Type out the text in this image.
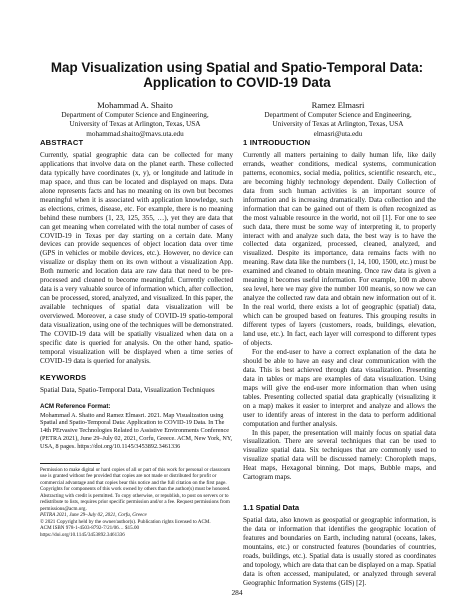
Map Visualization using Spatial and Spatio-Temporal Data:
Application to COVID-19 Data
Mohammad A. Shaito
Department of Computer Science and Engineering,
University of Texas at Arlington, Texas, USA
mohammad.shaito@mavs.uta.edu
Ramez Elmasri
Department of Computer Science and Engineering,
University of Texas at Arlington, Texas, USA
elmasri@uta.edu
ABSTRACT

Currently, spatial geographic data can be collected for many applications that involve data on the planet earth. These collected data typically have coordinates (x, y), or longitude and latitude in map space, and thus can be located and displayed on maps. Data alone represents facts and has no meaning on its own but becomes meaningful when it is associated with application knowledge, such as elections, crimes, disease, etc. For example, there is no meaning behind these numbers (1, 23, 125, 355, …), yet they are data that can get meaning when correlated with the total number of cases of COVID-19 in Texas per day starting on a certain date. Many devices can provide sequences of object location data over time (GPS in vehicles or mobile devices, etc.). However, no device can visualize or display them on its own without a visualization App. Both numeric and location data are raw data that need to be pre-processed and cleaned to become meaningful. Currently collected data is a very valuable source of information which, after collection, can be processed, stored, analyzed, and visualized. In this paper, the available techniques of spatial data visualization will be overviewed. Moreover, a case study of COVID-19 spatio-temporal data visualization, using one of the techniques will be demonstrated. The COVID-19 data will be spatially visualized when data on a specific date is queried for analysis. On the other hand, spatio-temporal visualization will be displayed when a time series of COVID-19 data is queried for analysis.

KEYWORDS

Spatial Data, Spatio-Temporal Data, Visualization Techniques

ACM Reference Format:

Mohammad A. Shaito and Ramez Elmasri. 2021. Map Visualization using Spatial and Spatio-Temporal Data: Application to COVID-19 Data. In The 14th PErvasive Technologies Related to Assistive Environments Conference (PETRA 2021), June 29–July 02, 2021, Corfu, Greece. ACM, New York, NY, USA, 8 pages. https://doi.org/10.1145/3453892.3461336

Permission to make digital or hard copies of all or part of this work for personal or classroom use is granted without fee provided that copies are not made or distributed for profit or commercial advantage and that copies bear this notice and the full citation on the first page. Copyrights for components of this work owned by others than the author(s) must be honored. Abstracting with credit is permitted. To copy otherwise, or republish, to post on servers or to redistribute to lists, requires prior specific permission and/or a fee. Request permissions from permissions@acm.org.

PETRA 2021, June 29–July 02, 2021, Corfu, Greece

© 2021 Copyright held by the owner/author(s). Publication rights licensed to ACM.

ACM ISBN 978-1-4503-8792-7/21/06… $15.00

https://doi.org/10.1145/3453892.3461336

1 INTRODUCTION

Currently all matters pertaining to daily human life, like daily errands, weather conditions, medical systems, communication patterns, economics, social media, politics, scientific research, etc., are becoming highly technology dependent. Daily Collection of data from such human activities is an important source of information and is increasing dramatically. Data collection and the information that can be gained out of them is often recognized as the most valuable resource in the world, not oil [1]. For one to see such data, there must be some way of interpreting it, to properly interact with and analyze such data, the best way is to have the collected data organized, processed, cleaned, analyzed, and visualized. Despite its importance, data remains facts with no meaning. Raw data like the numbers (1, 14, 100, 1500, etc.) must be examined and cleaned to obtain meaning. Once raw data is given a meaning it becomes useful information. For example, 100 m above sea level, here we may give the number 100 meanis, so now we can analyze the collected raw data and obtain new information out of it. In the real world, there exists a lot of geographic (spatial) data, which can be grouped based on features. This grouping results in different types of layers (customers, roads, buildings, elevation, land use, etc.). In fact, each layer will correspond to different types of objects.

For the end-user to have a correct explanation of the data he should be able to have an easy and clear communication with the data. This is best achieved through data visualization. Presenting data in tables or maps are examples of data visualization. Using maps will give the end-user more information than when using tables. Presenting collected spatial data graphically (visualizing it on a map) makes it easier to interpret and analyze and allows the user to identify areas of interest in the data to perform additional computation and further analysis.

In this paper, the presentation will mainly focus on spatial data visualization. There are several techniques that can be used to visualize spatial data. Six techniques that are commonly used to visualize spatial data will be discussed namely: Choropleth maps, Heat maps, Hexagonal binning, Dot maps, Bubble maps, and Cartogram maps.

1.1 Spatial Data

Spatial data, also known as geospatial or geographic information, is the data or information that identifies the geographic location of features and boundaries on Earth, including natural (oceans, lakes, mountains, etc.) or constructed features (boundaries of countries, roads, buildings, etc.). Spatial data is usually stored as coordinates and topology, which are data that can be displayed on a map. Spatial data is often accessed, manipulated, or analyzed through several Geographic Information Systems (GIS) [2].

284
